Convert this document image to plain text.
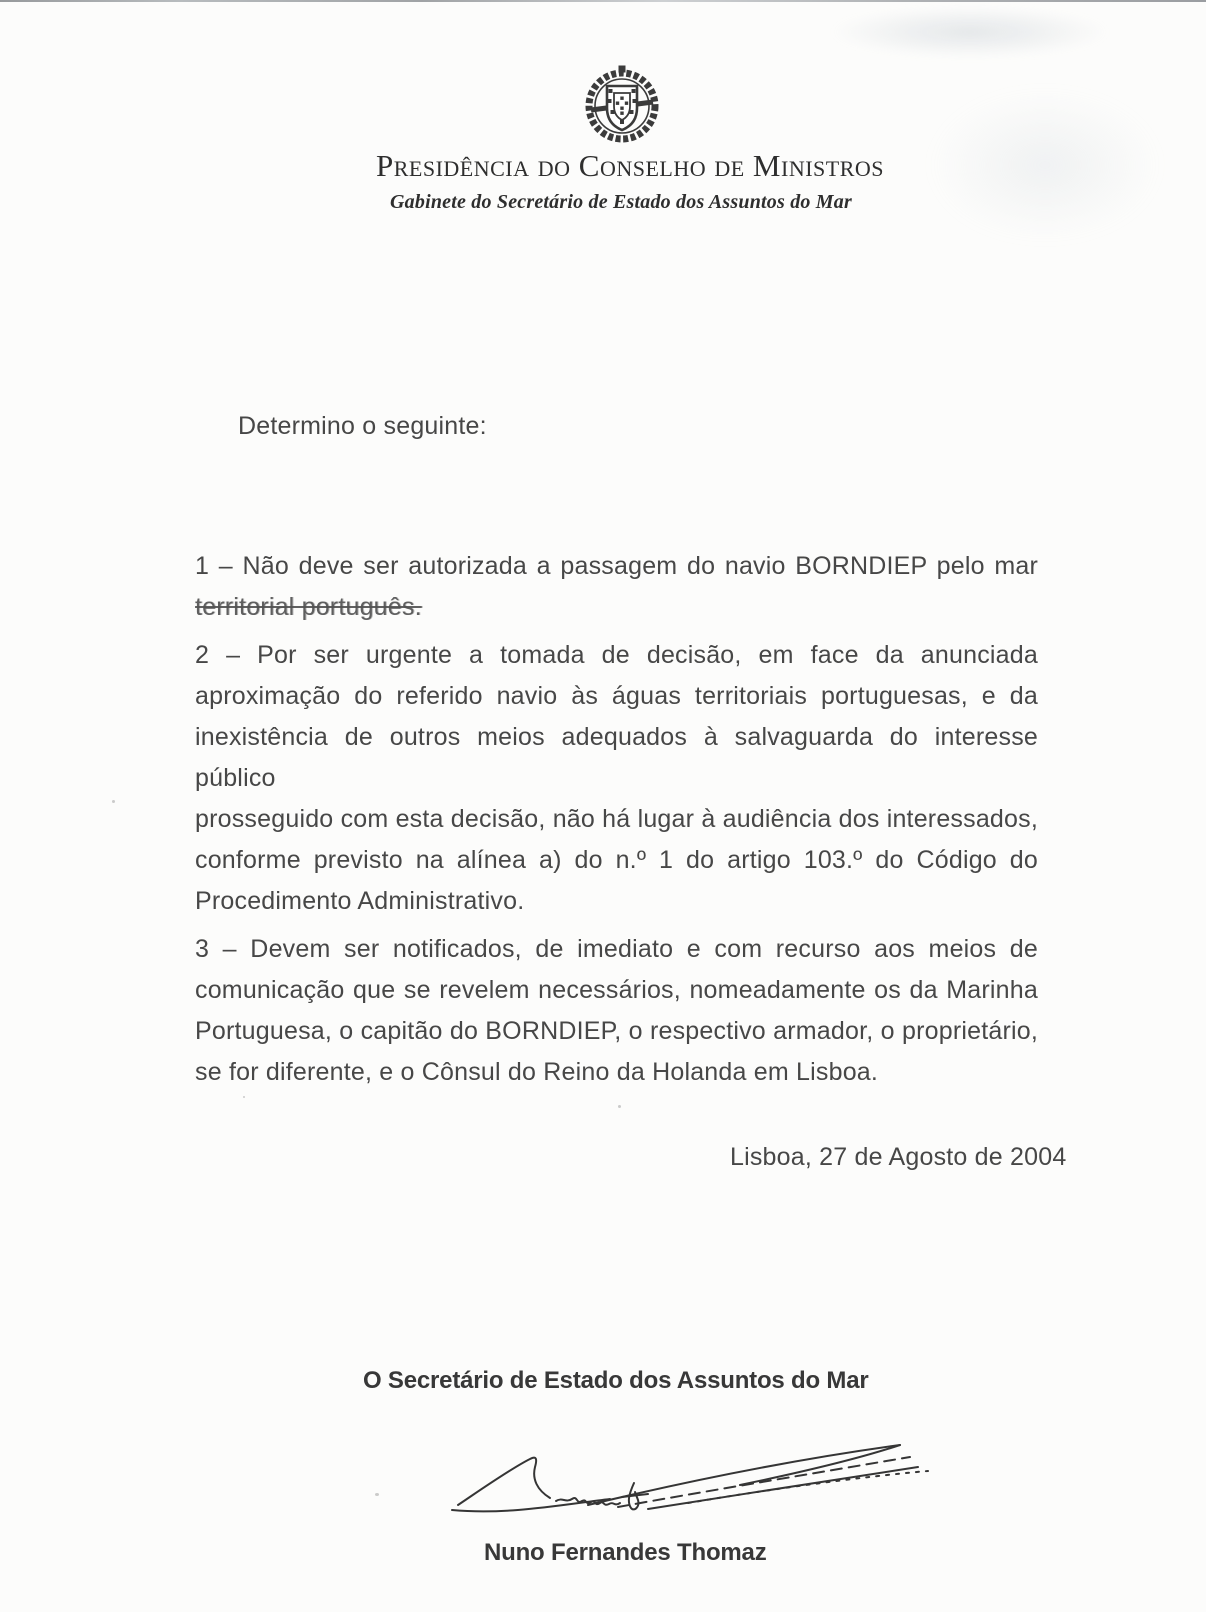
Presidência do Conselho de Ministros
Gabinete do Secretário de Estado dos Assuntos do Mar
Determino o seguinte:

1 – Não deve ser autorizada a passagem do navio BORNDIEP pelo mar
territorial português.

2 – Por ser urgente a tomada de decisão, em face da anunciada
aproximação do referido navio às águas territoriais portuguesas, e da
inexistência de outros meios adequados à salvaguarda do interesse público
prosseguido com esta decisão, não há lugar à audiência dos interessados,
conforme previsto na alínea a) do n.º 1 do artigo 103.º do Código do
Procedimento Administrativo.

3 – Devem ser notificados, de imediato e com recurso aos meios de
comunicação que se revelem necessários, nomeadamente os da Marinha
Portuguesa, o capitão do BORNDIEP, o respectivo armador, o proprietário,
se for diferente, e o Cônsul do Reino da Holanda em Lisboa.

Lisboa, 27 de Agosto de 2004
O Secretário de Estado dos Assuntos do Mar
Nuno Fernandes Thomaz
